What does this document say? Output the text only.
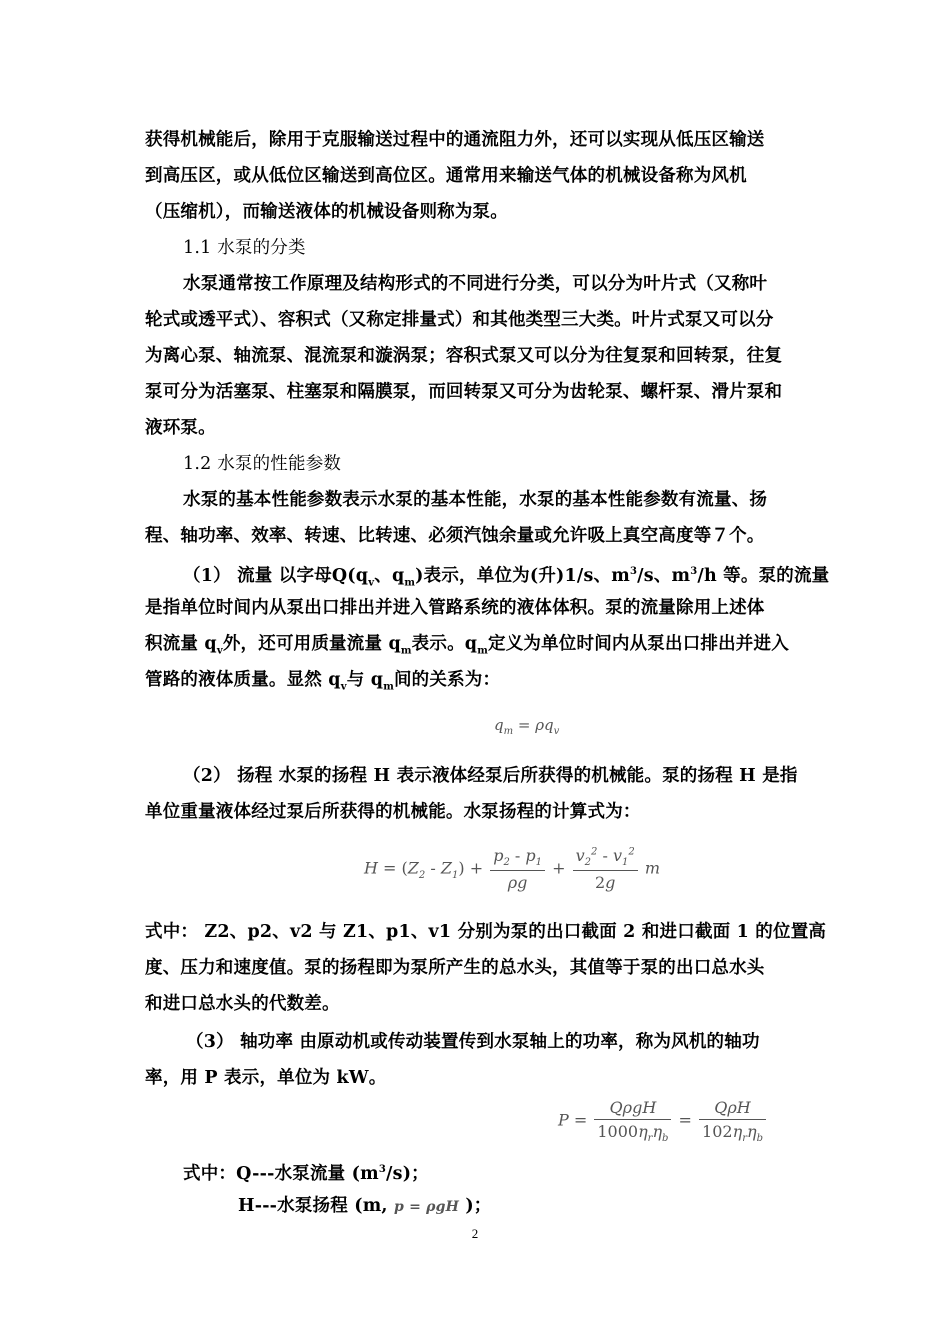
获得机械能后，除用于克服输送过程中的通流阻力外，还可以实现从低压区输送
到高压区，或从低位区输送到高位区。通常用来输送气体的机械设备称为风机
（压缩机），而输送液体的机械设备则称为泵。
1.1 水泵的分类
水泵通常按工作原理及结构形式的不同进行分类，可以分为叶片式（又称叶
轮式或透平式）、容积式（又称定排量式）和其他类型三大类。叶片式泵又可以分
为离心泵、轴流泵、混流泵和漩涡泵；容积式泵又可以分为往复泵和回转泵，往复
泵可分为活塞泵、柱塞泵和隔膜泵，而回转泵又可分为齿轮泵、螺杆泵、滑片泵和
液环泵。
1.2 水泵的性能参数
水泵的基本性能参数表示水泵的基本性能，水泵的基本性能参数有流量、扬
程、轴功率、效率、转速、比转速、必须汽蚀余量或允许吸上真空高度等７个。
（1） 流量 以字母$Q(q_v$、$q_m$)表示，单位为(升)1/s、$m^3/s$、$m^3/h$ 等。泵的流量
是指单位时间内从泵出口排出并进入管路系统的液体体积。泵的流量除用上述体
积流量 $q_v$外，还可用质量流量 $q_m$表示。$q_m$定义为单位时间内从泵出口排出并进入
管路的液体质量。显然 $q_v$与 $q_m$间的关系为：
$q_m = \rho q_v$
（2） 扬程 水泵的扬程 H 表示液体经泵后所获得的机械能。泵的扬程 H 是指
单位重量液体经过泵后所获得的机械能。水泵扬程的计算式为：
$H = (Z_2 - Z_1) + \frac{p_2 - p_1}{\rho g} + \frac{v_2^2 - v_1^2}{2g}$ m
式中： Z2、p2、v2 与 Z1、p1、v1 分别为泵的出口截面 2 和进口截面 1 的位置高
度、压力和速度值。泵的扬程即为泵所产生的总水头，其值等于泵的出口总水头
和进口总水头的代数差。
（3） 轴功率 由原动机或传动装置传到水泵轴上的功率，称为风机的轴功
率，用 P 表示，单位为 kW。
$P = \frac{\text{QρgH}}{1000\eta_r\eta_b} = \frac{\text{QρH}}{102\eta_r\eta_b}$
式中：Q---水泵流量 $(m^3/s)$；
H---水泵扬程 (m, p = ρgH )；
2
